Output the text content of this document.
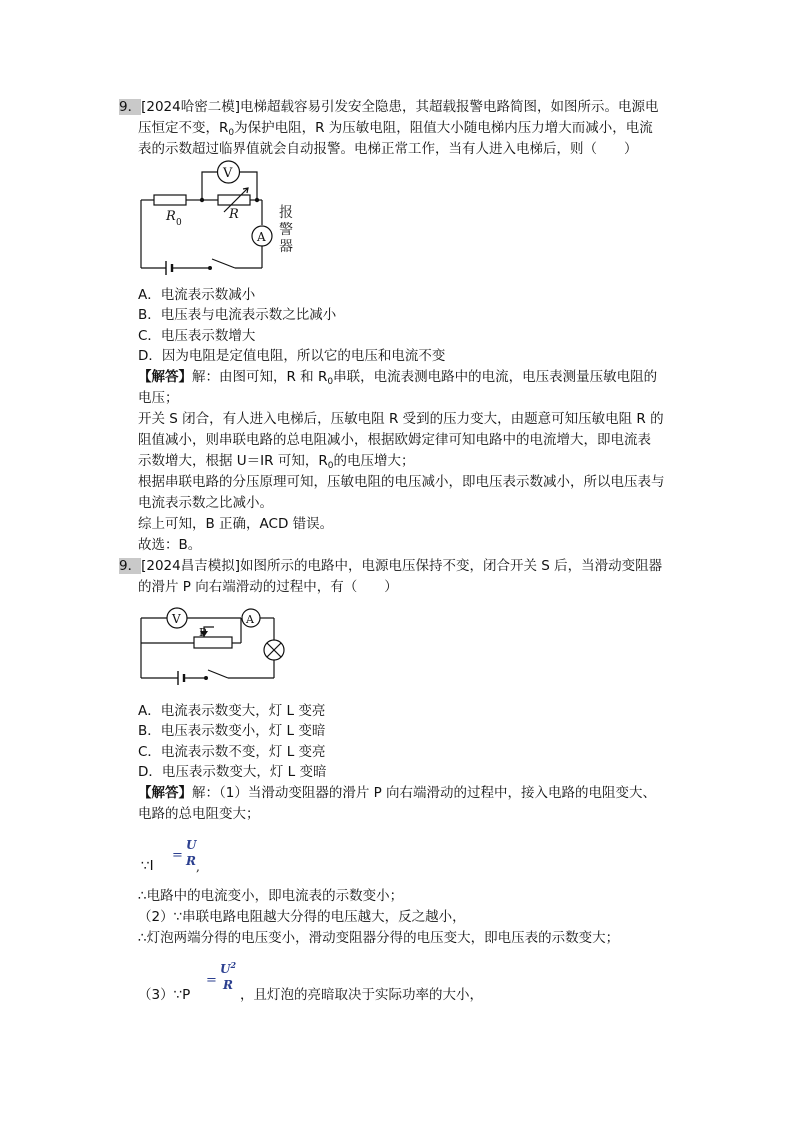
9．[2024哈密二模]电梯超载容易引发安全隐患，其超载报警电路简图，如图所示。电源电
压恒定不变，$R_0$为保护电阻，R 为压敏电阻，阻值大小随电梯内压力增大而减小，电流
表的示数超过临界值就会自动报警。电梯正常工作，当有人进入电梯后，则（　　）
V
A
R 0
R	报
警
器
A．电流表示数减小
B．电压表与电流表示数之比减小
C．电压表示数增大
D．因为电阻是定值电阻，所以它的电压和电流不变
【解答】解：由图可知，R 和 $R_0$串联，电流表测电路中的电流，电压表测量压敏电阻的
电压；
开关 S 闭合，有人进入电梯后，压敏电阻 R 受到的压力变大，由题意可知压敏电阻 R 的
阻值减小，则串联电路的总电阻减小，根据欧姆定律可知电路中的电流增大，即电流表
示数增大，根据 U＝IR 可知，$R_0$的电压增大；
根据串联电路的分压原理可知，压敏电阻的电压减小，即电压表示数减小，所以电压表与
电流表示数之比减小。
综上可知，B 正确，ACD 错误。
故选：B。
9．[2024昌吉模拟]如图所示的电路中，电源电压保持不变，闭合开关 S 后，当滑动变阻器
的滑片 P 向右端滑动的过程中，有（　　）
V	A
P
A．电流表示数变大，灯 L 变亮
B．电压表示数变小，灯 L 变暗
C．电流表示数不变，灯 L 变亮
D．电压表示数变大，灯 L 变暗
【解答】解：（1）当滑动变阻器的滑片 P 向右端滑动的过程中，接入电路的电阻变大、
电路的总电阻变大；
∵I
=
U
R ,
∴电路中的电流变小，即电流表的示数变小；
（2）∵串联电路电阻越大分得的电压越大，反之越小，
∴灯泡两端分得的电压变小，滑动变阻器分得的电压变大，即电压表的示数变大；
（3）∵P
=
$U^2$
R
，且灯泡的亮暗取决于实际功率的大小，
